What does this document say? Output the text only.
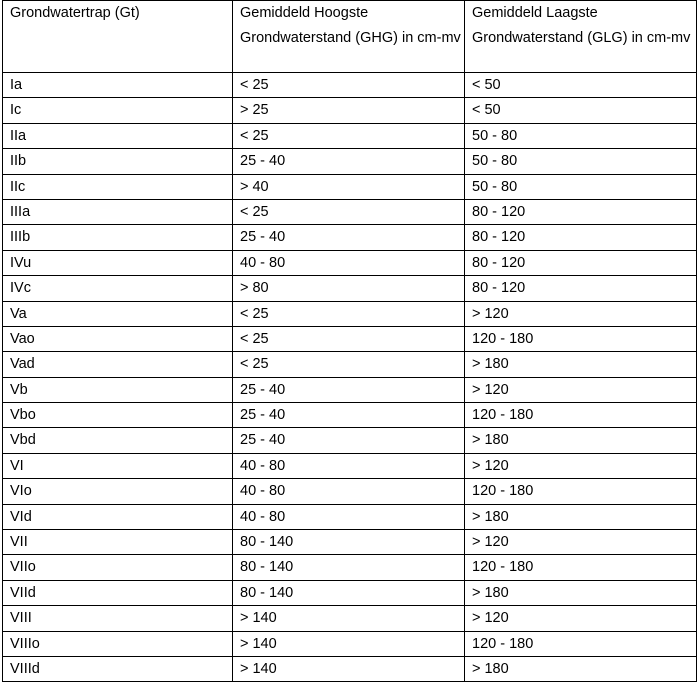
Grondwatertrap (Gt)	Gemiddeld Hoogste Grondwaterstand (GHG) in cm-mv	Gemiddeld Laagste Grondwaterstand (GLG) in cm-mv
Ia	< 25	< 50
Ic	> 25	< 50
IIa	< 25	50 - 80
IIb	25 - 40	50 - 80
IIc	> 40	50 - 80
IIIa	< 25	80 - 120
IIIb	25 - 40	80 - 120
IVu	40 - 80	80 - 120
IVc	> 80	80 - 120
Va	< 25	> 120
Vao	< 25	120 - 180
Vad	< 25	> 180
Vb	25 - 40	> 120
Vbo	25 - 40	120 - 180
Vbd	25 - 40	> 180
VI	40 - 80	> 120
VIo	40 - 80	120 - 180
VId	40 - 80	> 180
VII	80 - 140	> 120
VIIo	80 - 140	120 - 180
VIId	80 - 140	> 180
VIII	> 140	> 120
VIIIo	> 140	120 - 180
VIIId	> 140	> 180
